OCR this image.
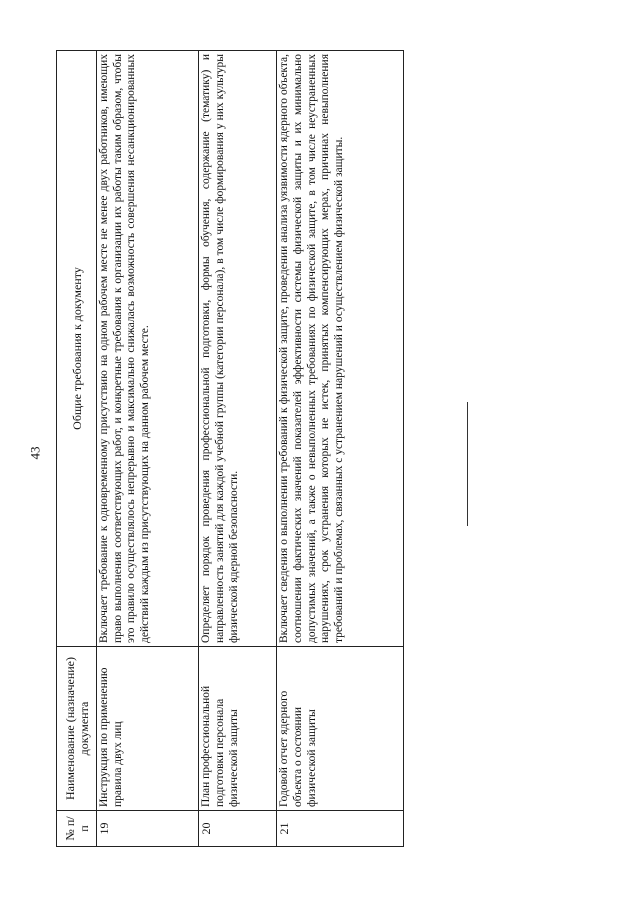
43
№ п/п	Наименование (назначение) документа	Общие требования к документу
19	Инструкция по применению правила двух лиц	Включает требование к одновременному присутствию на одном рабочем месте не менее двух работников, имеющих право выполнения соответствующих работ, и конкретные требования к организации их работы таким образом, чтобы это правило осуществлялось непрерывно и максимально снижалась возможность совершения несанкционированных действий каждым из присутствующих на данном рабочем месте.
20	План профессиональной подготовки персонала физической защиты	Определяет порядок проведения профессиональной подготовки, формы обучения, содержание (тематику) и направленность занятий для каждой учебной группы (категории персонала), в том числе формирования у них культуры физической ядерной безопасности.
21	Годовой отчет ядерного объекта о состоянии физической защиты	Включает сведения о выполнении требований к физической защите, проведении анализа уязвимости ядерного объекта, соотношении фактических значений показателей эффективности системы физической защиты и их минимально допустимых значений, а также о невыполненных требованиях по физической защите, в том числе неустраненных нарушениях, срок устранения которых не истек, принятых компенсирующих мерах, причинах невыполнения требований и проблемах, связанных с устранением нарушений и осуществлением физической защиты.
